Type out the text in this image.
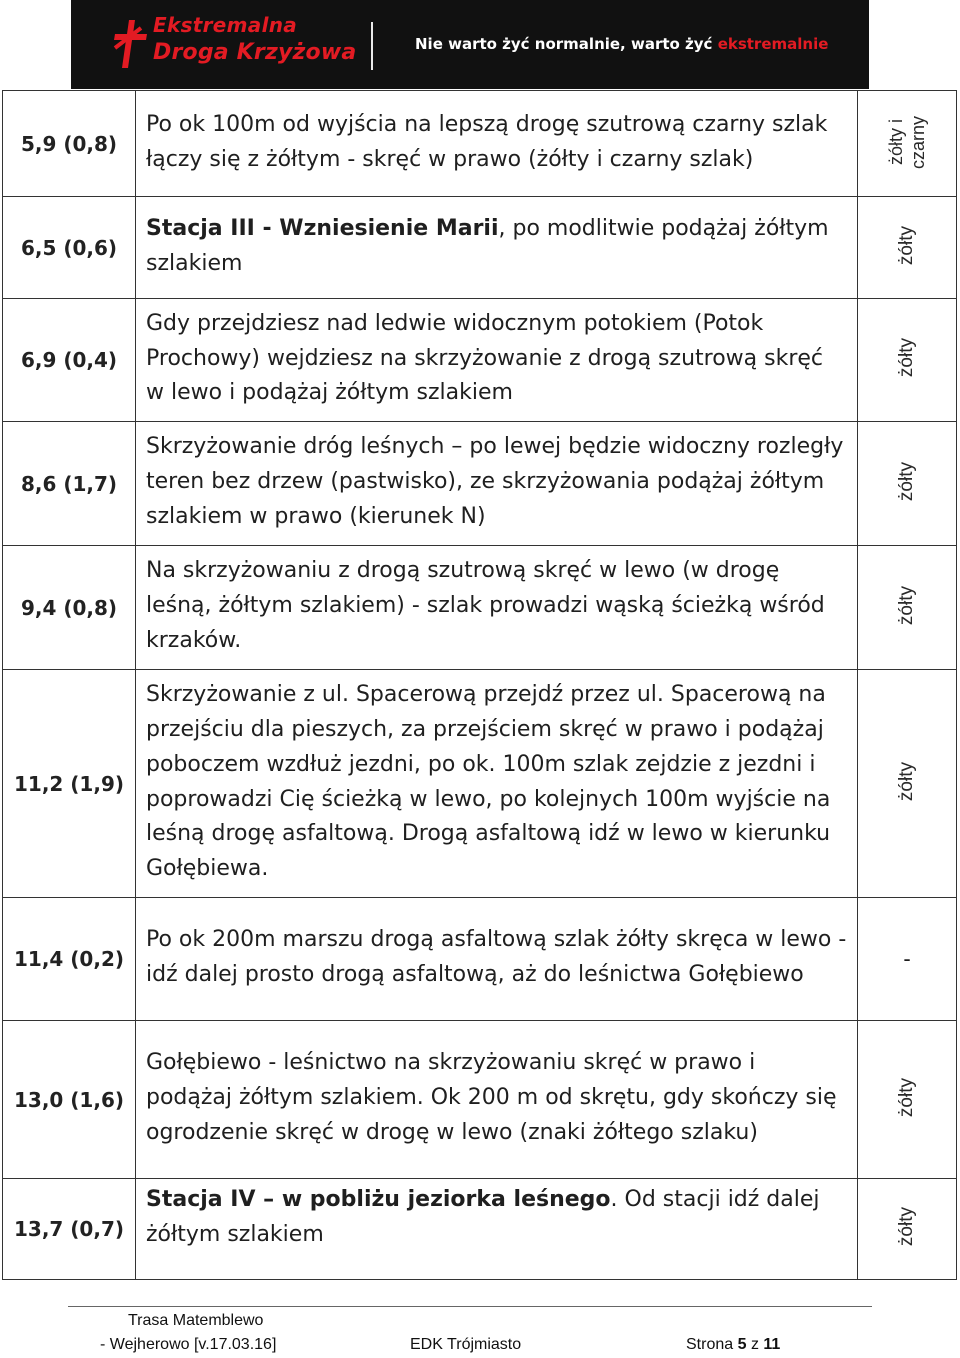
Ekstremalna
Droga Krzyżowa	Nie warto żyć normalnie, warto żyć ekstremalnie
5,9 (0,8)	Po ok 100m od wyjścia na lepszą drogę szutrową czarny szlak łączy się z żółtym - skręć w prawo (żółty i czarny szlak)	żółty i czarny
6,5 (0,6)	Stacja III - Wzniesienie Marii, po modlitwie podążaj żółtym szlakiem	żółty
6,9 (0,4)	Gdy przejdziesz nad ledwie widocznym potokiem (Potok Prochowy) wejdziesz na skrzyżowanie z drogą szutrową skręć w lewo i podążaj żółtym szlakiem	żółty
8,6 (1,7)	Skrzyżowanie dróg leśnych – po lewej będzie widoczny rozległy teren bez drzew (pastwisko), ze skrzyżowania podążaj żółtym szlakiem w prawo (kierunek N)	żółty
9,4 (0,8)	Na skrzyżowaniu z drogą szutrową skręć w lewo (w drogę leśną, żółtym szlakiem) - szlak prowadzi wąską ścieżką wśród krzaków.	żółty
11,2 (1,9)	Skrzyżowanie z ul. Spacerową przejdź przez ul. Spacerową na przejściu dla pieszych, za przejściem skręć w prawo i podążaj poboczem wzdłuż jezdni, po ok. 100m szlak zejdzie z jezdni i poprowadzi Cię ścieżką w lewo, po kolejnych 100m wyjście na leśną drogę asfaltową. Drogą asfaltową idź w lewo w kierunku Gołębiewa.	żółty
11,4 (0,2)	Po ok 200m marszu drogą asfaltową szlak żółty skręca w lewo - idź dalej prosto drogą asfaltową, aż do leśnictwa Gołębiewo	-
13,0 (1,6)	Gołębiewo - leśnictwo na skrzyżowaniu skręć w prawo i podążaj żółtym szlakiem. Ok 200 m od skrętu, gdy skończy się ogrodzenie skręć w drogę w lewo (znaki żółtego szlaku)	żółty
13,7 (0,7)	Stacja IV – w pobliżu jeziorka leśnego. Od stacji idź dalej żółtym szlakiem	żółty
Trasa Matemblewo
- Wejherowo [v.17.03.16]	EDK Trójmiasto	Strona 5 z 11
